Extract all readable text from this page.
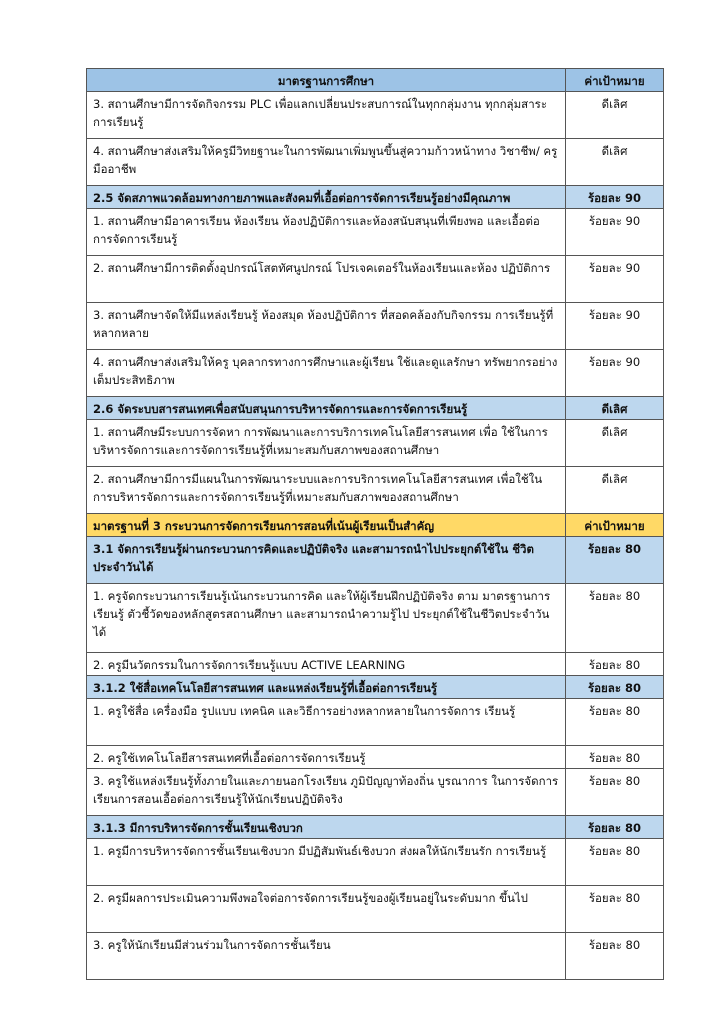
มาตรฐานการศึกษา	ค่าเป้าหมาย
3. สถานศึกษามีการจัดกิจกรรม PLC เพื่อแลกเปลี่ยนประสบการณ์ในทุกกลุ่มงาน ทุกกลุ่มสาระการเรียนรู้	ดีเลิศ
4. สถานศึกษาส่งเสริมให้ครูมีวิทยฐานะในการพัฒนาเพิ่มพูนขึ้นสู่ความก้าวหน้าทาง วิชาชีพ/ ครูมืออาชีพ	ดีเลิศ
2.5 จัดสภาพแวดล้อมทางกายภาพและสังคมที่เอื้อต่อการจัดการเรียนรู้อย่างมีคุณภาพ	ร้อยละ 90
1. สถานศึกษามีอาคารเรียน ห้องเรียน ห้องปฏิบัติการและห้องสนับสนุนที่เพียงพอ และเอื้อต่อการจัดการเรียนรู้	ร้อยละ 90
2. สถานศึกษามีการติดตั้งอุปกรณ์โสตทัศนูปกรณ์ โปรเจคเตอร์ในห้องเรียนและห้อง ปฏิบัติการ	ร้อยละ 90
3. สถานศึกษาจัดให้มีแหล่งเรียนรู้ ห้องสมุด ห้องปฏิบัติการ ที่สอดคล้องกับกิจกรรม การเรียนรู้ที่หลากหลาย	ร้อยละ 90
4. สถานศึกษาส่งเสริมให้ครู บุคลากรทางการศึกษาและผู้เรียน ใช้และดูแลรักษา ทรัพยากรอย่างเต็มประสิทธิภาพ	ร้อยละ 90
2.6 จัดระบบสารสนเทศเพื่อสนับสนุนการบริหารจัดการและการจัดการเรียนรู้	ดีเลิศ
1. สถานศึกษมีระบบการจัดหา การพัฒนาและการบริการเทคโนโลยีสารสนเทศ เพื่อ ใช้ในการบริหารจัดการและการจัดการเรียนรู้ที่เหมาะสมกับสภาพของสถานศึกษา	ดีเลิศ
2. สถานศึกษามีการมีแผนในการพัฒนาระบบและการบริการเทคโนโลยีสารสนเทศ เพื่อใช้ในการบริหารจัดการและการจัดการเรียนรู้ที่เหมาะสมกับสภาพของสถานศึกษา	ดีเลิศ
มาตรฐานที่ 3 กระบวนการจัดการเรียนการสอนที่เน้นผู้เรียนเป็นสำคัญ	ค่าเป้าหมาย
3.1 จัดการเรียนรู้ผ่านกระบวนการคิดและปฏิบัติจริง และสามารถนำไปประยุกต์ใช้ใน ชีวิตประจำวันได้	ร้อยละ 80
1. ครูจัดกระบวนการเรียนรู้เน้นกระบวนการคิด และให้ผู้เรียนฝึกปฏิบัติจริง ตาม มาตรฐานการเรียนรู้ ตัวชี้วัดของหลักสูตรสถานศึกษา และสามารถนำความรู้ไป ประยุกต์ใช้ในชีวิตประจำวันได้	ร้อยละ 80
2. ครูมีนวัตกรรมในการจัดการเรียนรู้แบบ ACTIVE LEARNING	ร้อยละ 80
3.1.2 ใช้สื่อเทคโนโลยีสารสนเทศ และแหล่งเรียนรู้ที่เอื้อต่อการเรียนรู้	ร้อยละ 80
1. ครูใช้สื่อ เครื่องมือ รูปแบบ เทคนิค และวิธีการอย่างหลากหลายในการจัดการ เรียนรู้	ร้อยละ 80
2. ครูใช้เทคโนโลยีสารสนเทศที่เอื้อต่อการจัดการเรียนรู้	ร้อยละ 80
3. ครูใช้แหล่งเรียนรู้ทั้งภายในและภายนอกโรงเรียน ภูมิปัญญาท้องถิ่น บูรณาการ ในการจัดการเรียนการสอนเอื้อต่อการเรียนรู้ให้นักเรียนปฏิบัติจริง	ร้อยละ 80
3.1.3 มีการบริหารจัดการชั้นเรียนเชิงบวก	ร้อยละ 80
1. ครูมีการบริหารจัดการชั้นเรียนเชิงบวก มีปฏิสัมพันธ์เชิงบวก ส่งผลให้นักเรียนรัก การเรียนรู้	ร้อยละ 80
2. ครูมีผลการประเมินความพึงพอใจต่อการจัดการเรียนรู้ของผู้เรียนอยู่ในระดับมาก ขึ้นไป	ร้อยละ 80
3. ครูให้นักเรียนมีส่วนร่วมในการจัดการชั้นเรียน	ร้อยละ 80
